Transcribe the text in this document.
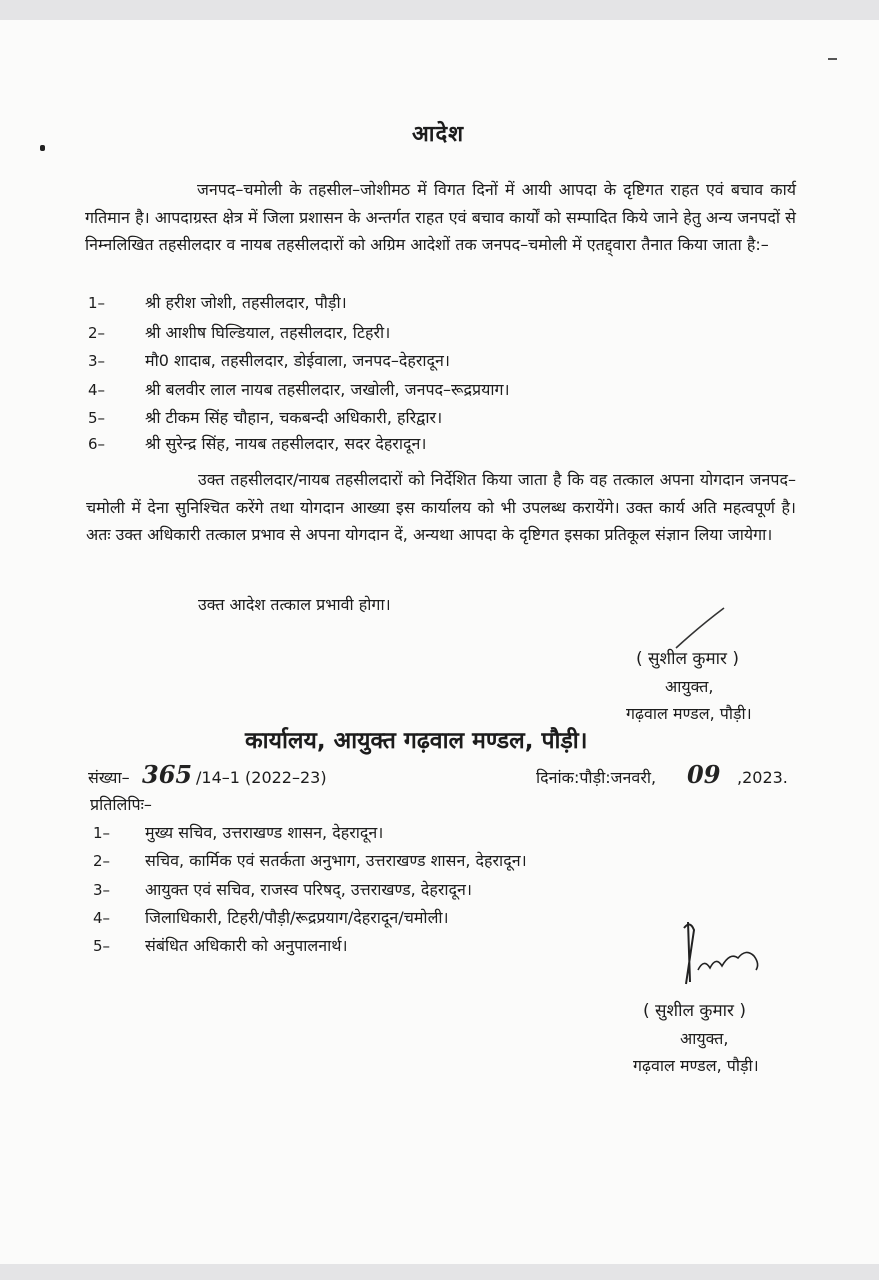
आदेश
जनपद–चमोली के तहसील–जोशीमठ में विगत दिनों में आयी आपदा के दृष्टिगत राहत एवं बचाव कार्य गतिमान है। आपदाग्रस्त क्षेत्र में जिला प्रशासन के अन्तर्गत राहत एवं बचाव कार्यों को सम्पादित किये जाने हेतु अन्य जनपदों से निम्नलिखित तहसीलदार व नायब तहसीलदारों को अग्रिम आदेशों तक जनपद–चमोली में एतद्द्वारा तैनात किया जाता है:–
1– श्री हरीश जोशी, तहसीलदार, पौड़ी।
2– श्री आशीष घिल्डियाल, तहसीलदार, टिहरी।
3– मौ0 शादाब, तहसीलदार, डोईवाला, जनपद–देहरादून।
4– श्री बलवीर लाल नायब तहसीलदार, जखोली, जनपद–रूद्रप्रयाग।
5– श्री टीकम सिंह चौहान, चकबन्दी अधिकारी, हरिद्वार।
6– श्री सुरेन्द्र सिंह, नायब तहसीलदार, सदर देहरादून।
उक्त तहसीलदार/नायब तहसीलदारों को निर्देशित किया जाता है कि वह तत्काल अपना योगदान जनपद–चमोली में देना सुनिश्चित करेंगे तथा योगदान आख्या इस कार्यालय को भी उपलब्ध करायेंगे। उक्त कार्य अति महत्वपूर्ण है। अतः उक्त अधिकारी तत्काल प्रभाव से अपना योगदान दें, अन्यथा आपदा के दृष्टिगत इसका प्रतिकूल संज्ञान लिया जायेगा।
उक्त आदेश तत्काल प्रभावी होगा।
( सुशील कुमार )
आयुक्त,
गढ़वाल मण्डल, पौड़ी।
कार्यालय, आयुक्त गढ़वाल मण्डल, पौड़ी।
संख्या– 365 /14–1 (2022–23)	दिनांक:पौड़ी:जनवरी, 09 ,2023.
प्रतिलिपिः–
1– मुख्य सचिव, उत्तराखण्ड शासन, देहरादून।
2– सचिव, कार्मिक एवं सतर्कता अनुभाग, उत्तराखण्ड शासन, देहरादून।
3– आयुक्त एवं सचिव, राजस्व परिषद्, उत्तराखण्ड, देहरादून।
4– जिलाधिकारी, टिहरी/पौड़ी/रूद्रप्रयाग/देहरादून/चमोली।
5– संबंधित अधिकारी को अनुपालनार्थ।
( सुशील कुमार )
आयुक्त,
गढ़वाल मण्डल, पौड़ी।
